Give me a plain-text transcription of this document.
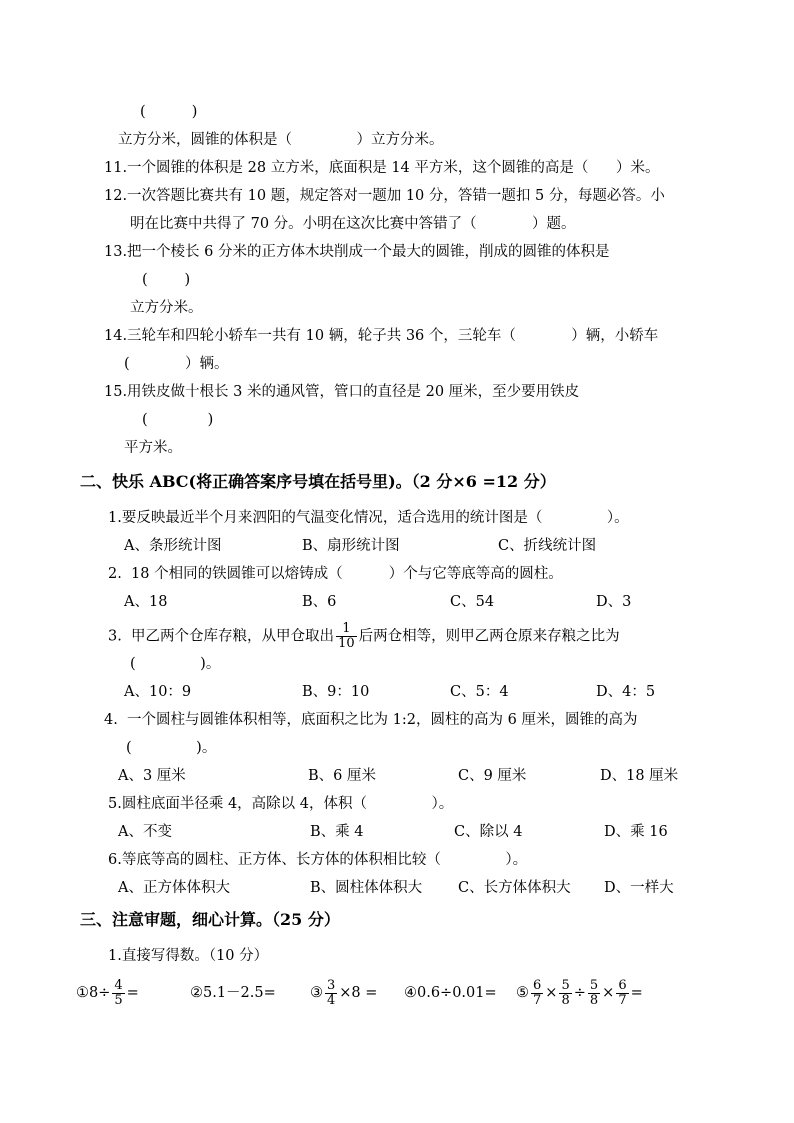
(          )
立方分米，圆锥的体积是（              ）立方分米。
11.一个圆锥的体积是 28 立方米，底面积是 14 平方米，这个圆锥的高是（      ）米。
12.一次答题比赛共有 10 题，规定答对一题加 10 分，答错一题扣 5 分，每题必答。小
明在比赛中共得了 70 分。小明在这次比赛中答错了（            ）题。
13.把一个棱长 6 分米的正方体木块削成一个最大的圆锥，削成的圆锥的体积是
(        )
立方分米。
14.三轮车和四轮小轿车一共有 10 辆，轮子共 36 个，三轮车（            ）辆，小轿车
(            ）辆。
15.用铁皮做十根长 3 米的通风管，管口的直径是 20 厘米，至少要用铁皮
(             )
平方米。
二、快乐 ABC(将正确答案序号填在括号里)。（2 分×6 =12 分）
1.要反映最近半个月来泗阳的气温变化情况，适合选用的统计图是（              ）。
A、条形统计图	B、扇形统计图	C、折线统计图
2.  18 个相同的铁圆锥可以熔铸成（          ）个与它等底等高的圆柱。
A、18	B、6	C、54	D、3
3.  甲乙两个仓库存粮，从甲仓取出 $\frac{1}{10}$ 后两仓相等，则甲乙两仓原来存粮之比为
(              )。
A、10：9	B、9：10	C、5：4	D、4：5
4.  一个圆柱与圆锥体积相等，底面积之比为 1:2，圆柱的高为 6 厘米，圆锥的高为
(              )。
A、3 厘米	B、6 厘米	C、9 厘米	D、18 厘米
5.圆柱底面半径乘 4，高除以 4，体积（              ）。
A、不变	B、乘 4	C、除以 4	D、乘 16
6.等底等高的圆柱、正方体、长方体的体积相比较（              ）。
A、正方体体积大	B、圆柱体体积大 C、长方体体积大 D、一样大
三、注意审题，细心计算。（25 分）
1.直接写得数。（10 分）
①8÷ $\frac{4}{5}$ =	②5.1－2.5= ③ $\frac{3}{4} \times 8$ = ④0.6÷0.01= ⑤ $\frac{6}{7} \times \frac{5}{8} \div \frac{5}{8} \times \frac{6}{7}$ =
